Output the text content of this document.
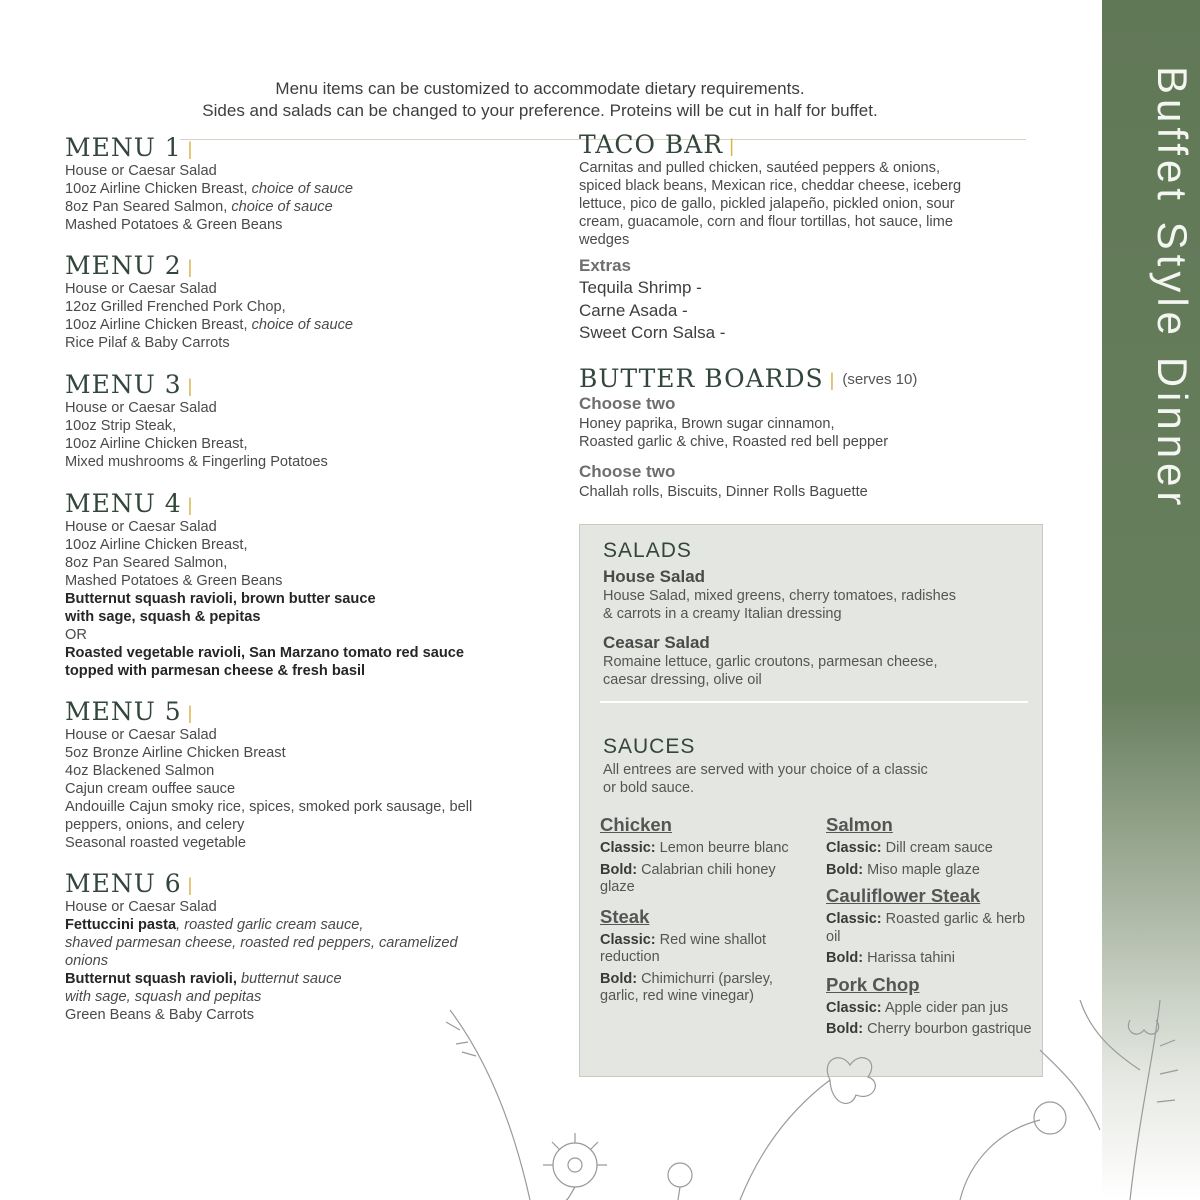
Menu items can be customized to accommodate dietary requirements.
Sides and salads can be changed to your preference. Proteins will be cut in half for buffet.	Buffet Style Dinner
MENU 1 |

House or Caesar Salad

10oz Airline Chicken Breast, choice of sauce

8oz Pan Seared Salmon, choice of sauce

Mashed Potatoes & Green Beans

MENU 2 |

House or Caesar Salad

12oz Grilled Frenched Pork Chop,

10oz Airline Chicken Breast, choice of sauce

Rice Pilaf & Baby Carrots

MENU 3 |

House or Caesar Salad

10oz Strip Steak,

10oz Airline Chicken Breast,

Mixed mushrooms & Fingerling Potatoes

MENU 4 |

House or Caesar Salad

10oz Airline Chicken Breast,

8oz Pan Seared Salmon,

Mashed Potatoes & Green Beans

Butternut squash ravioli, brown butter sauce

with sage, squash & pepitas

OR

Roasted vegetable ravioli, San Marzano tomato red sauce

topped with parmesan cheese & fresh basil

MENU 5 |

House or Caesar Salad

5oz Bronze Airline Chicken Breast

4oz Blackened Salmon

Cajun cream ouffee sauce

Andouille Cajun smoky rice, spices, smoked pork sausage, bell

peppers, onions, and celery

Seasonal roasted vegetable

MENU 6 |

House or Caesar Salad

Fettuccini pasta, roasted garlic cream sauce,

shaved parmesan cheese, roasted red peppers, caramelized

onions

Butternut squash ravioli, butternut sauce

with sage, squash and pepitas

Green Beans & Baby Carrots

TACO BAR |

Carnitas and pulled chicken, sautéed peppers & onions,

spiced black beans, Mexican rice, cheddar cheese, iceberg

lettuce, pico de gallo, pickled jalapeño, pickled onion, sour

cream, guacamole, corn and flour tortillas, hot sauce, lime

wedges

Extras

Tequila Shrimp -

Carne Asada -

Sweet Corn Salsa -

BUTTER BOARDS | (serves 10)

Choose two

Honey paprika, Brown sugar cinnamon,

Roasted garlic & chive, Roasted red bell pepper

Choose two

Challah rolls, Biscuits, Dinner Rolls Baguette

SALADS

House Salad

House Salad, mixed greens, cherry tomatoes, radishes

& carrots in a creamy Italian dressing

Ceasar Salad

Romaine lettuce, garlic croutons, parmesan cheese,

caesar dressing, olive oil

SAUCES

All entrees are served with your choice of a classic

or bold sauce.

Chicken

Classic: Lemon beurre blanc

Bold: Calabrian chili honey glaze

Steak

Classic: Red wine shallot reduction

Bold: Chimichurri (parsley, garlic, red wine vinegar)

Salmon

Classic: Dill cream sauce

Bold: Miso maple glaze

Cauliflower Steak

Classic: Roasted garlic & herb oil

Bold: Harissa tahini

Pork Chop

Classic: Apple cider pan jus

Bold: Cherry bourbon gastrique
